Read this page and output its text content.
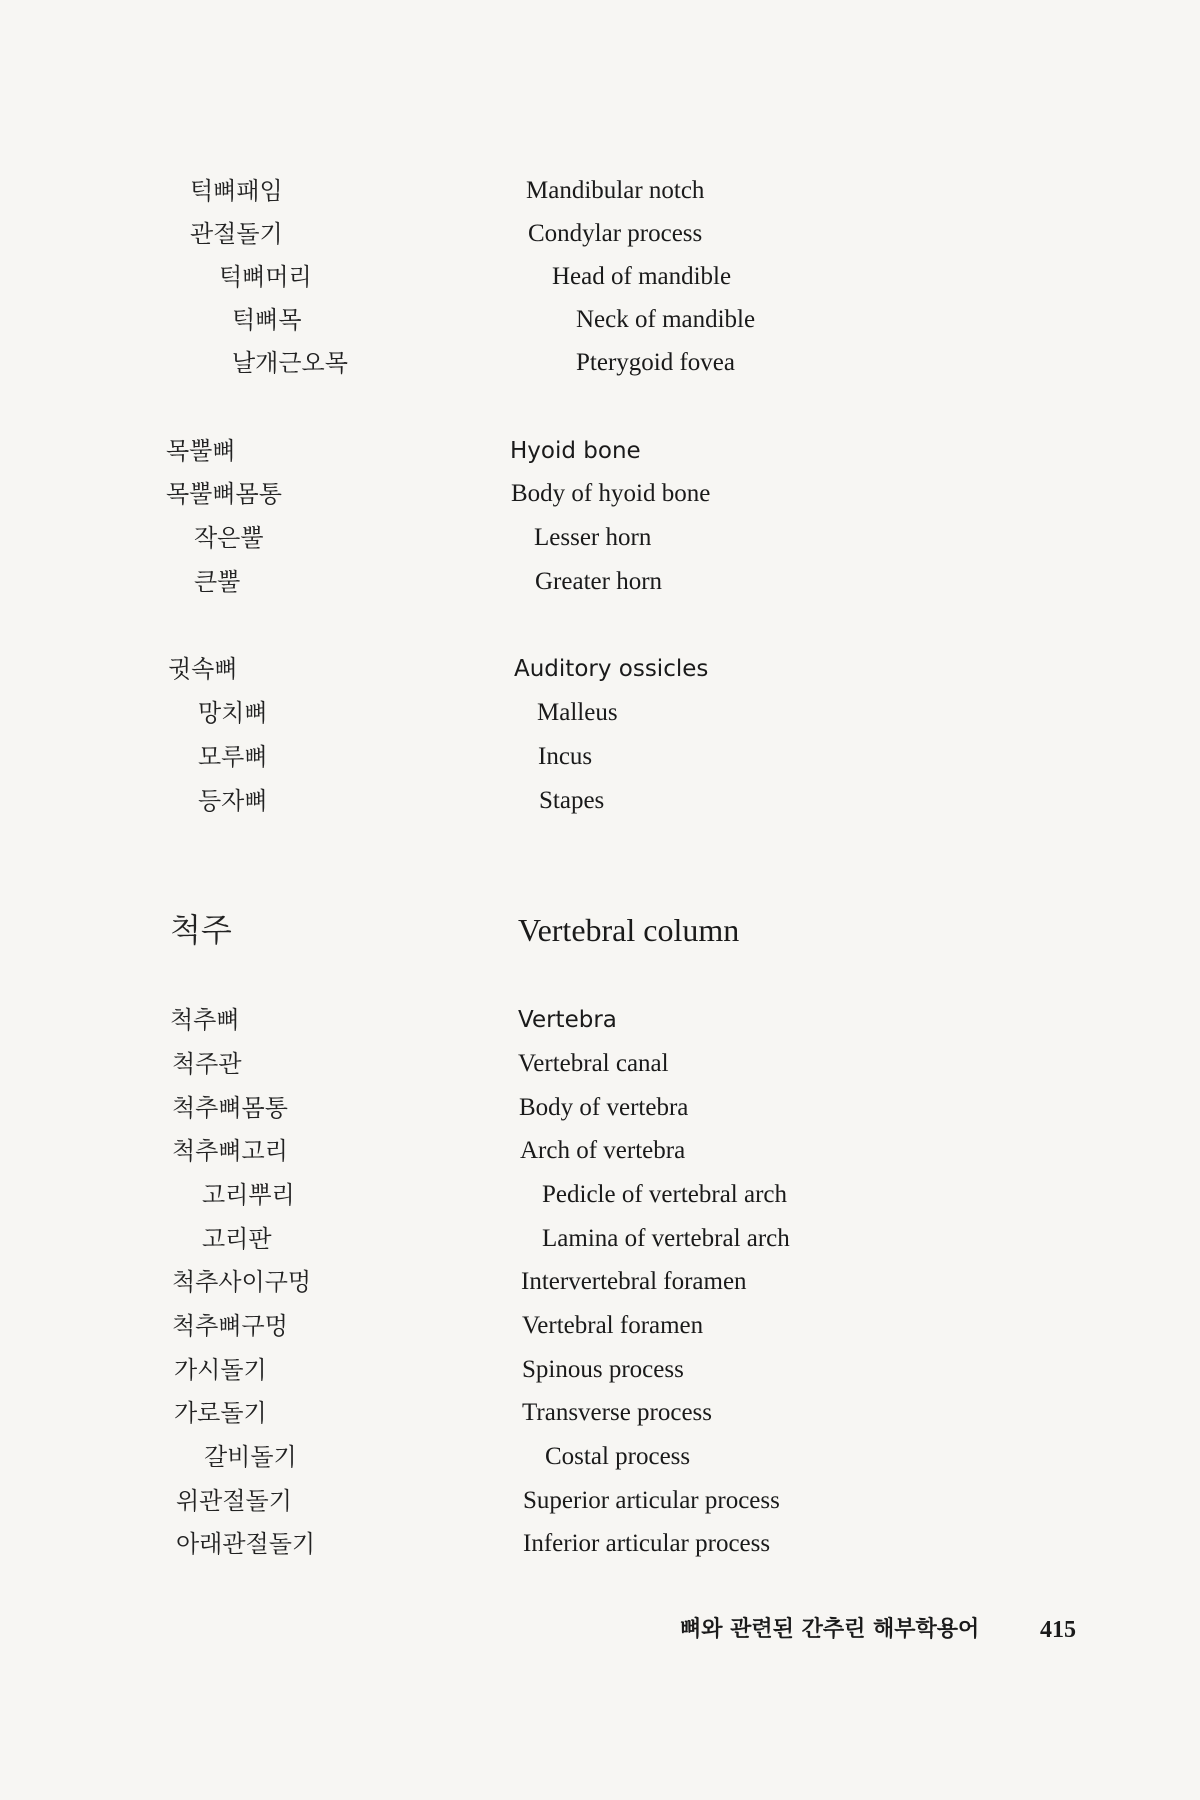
턱뼈패임	Mandibular notch
관절돌기	Condylar process
턱뼈머리	Head of mandible
턱뼈목	Neck of mandible
날개근오목	Pterygoid fovea
목뿔뼈	Hyoid bone
목뿔뼈몸통	Body of hyoid bone
작은뿔	Lesser horn
큰뿔	Greater horn
귓속뼈	Auditory ossicles
망치뼈	Malleus
모루뼈	Incus
등자뼈	Stapes
척주	Vertebral column
척추뼈	Vertebra
척주관	Vertebral canal
척추뼈몸통	Body of vertebra
척추뼈고리	Arch of vertebra
고리뿌리	Pedicle of vertebral arch
고리판	Lamina of vertebral arch
척추사이구멍	Intervertebral foramen
척추뼈구멍	Vertebral foramen
가시돌기	Spinous process
가로돌기	Transverse process
갈비돌기	Costal process
위관절돌기	Superior articular process
아래관절돌기	Inferior articular process
뼈와 관련된 간추린 해부학용어	415
